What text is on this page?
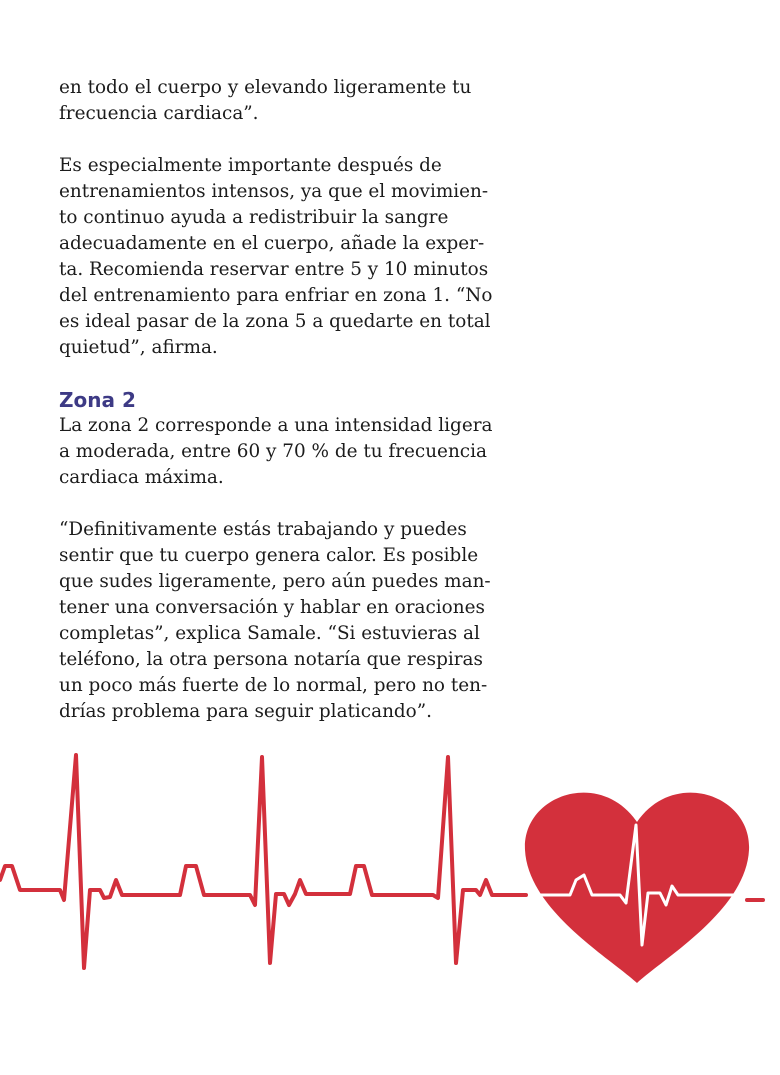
en todo el cuerpo y elevando ligeramente tu
frecuencia cardiaca”.

Es especialmente importante después de
entrenamientos intensos, ya que el movimien-
to continuo ayuda a redistribuir la sangre
adecuadamente en el cuerpo, añade la exper-
ta. Recomienda reservar entre 5 y 10 minutos
del entrenamiento para enfriar en zona 1. “No
es ideal pasar de la zona 5 a quedarte en total
quietud”, afirma.

Zona 2

La zona 2 corresponde a una intensidad ligera
a moderada, entre 60 y 70 % de tu frecuencia
cardiaca máxima.

“Definitivamente estás trabajando y puedes
sentir que tu cuerpo genera calor. Es posible
que sudes ligeramente, pero aún puedes man-
tener una conversación y hablar en oraciones
completas”, explica Samale. “Si estuvieras al
teléfono, la otra persona notaría que respiras
un poco más fuerte de lo normal, pero no ten-
drías problema para seguir platicando”.
